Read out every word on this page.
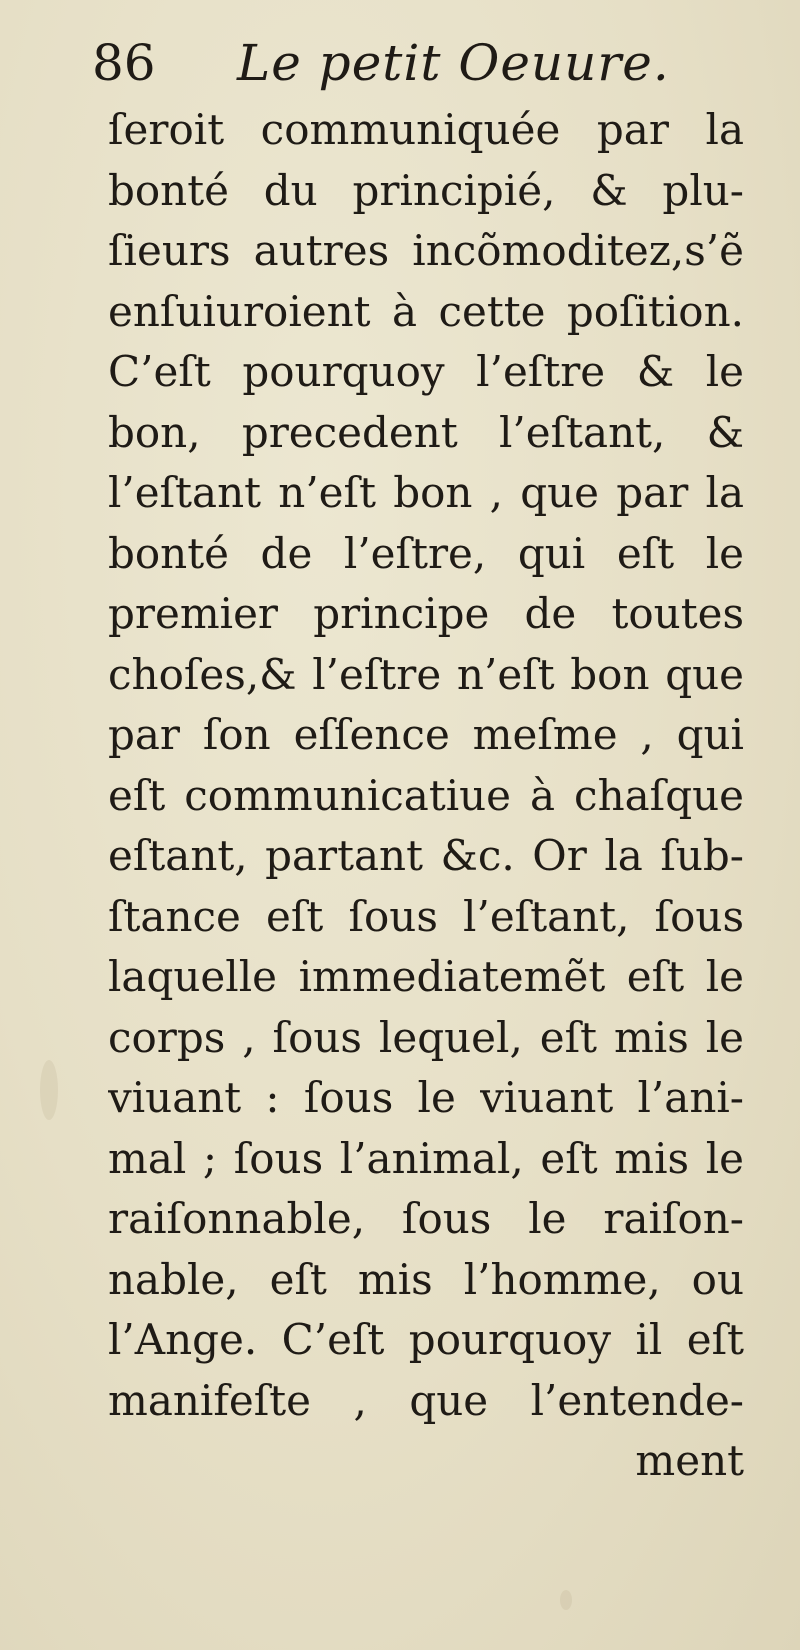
86 Le petit Oeuure.
ſeroit communiquée par la
bonté du principié, & plu-
ſieurs autres incõmoditez,s’ẽ
enſuiuroient à cette poſition.
C’eſt pourquoy l’eſtre & le
bon, precedent l’eſtant, &
l’eſtant n’eſt bon , que par la
bonté de l’eſtre, qui eſt le
premier principe de toutes
choſes,& l’eſtre n’eſt bon que
par ſon eſſence meſme , qui
eſt communicatiue à chaſque
eſtant, partant &c. Or la ſub-
ſtance eſt ſous l’eſtant, ſous
laquelle immediatemẽt eſt le
corps , ſous lequel, eſt mis le
viuant : ſous le viuant l’ani-
mal ; ſous l’animal, eſt mis le
raiſonnable, ſous le raiſon-
nable, eſt mis l’homme, ou
l’Ange. C’eſt pourquoy il eſt
manifeſte , que l’entende-
ment
